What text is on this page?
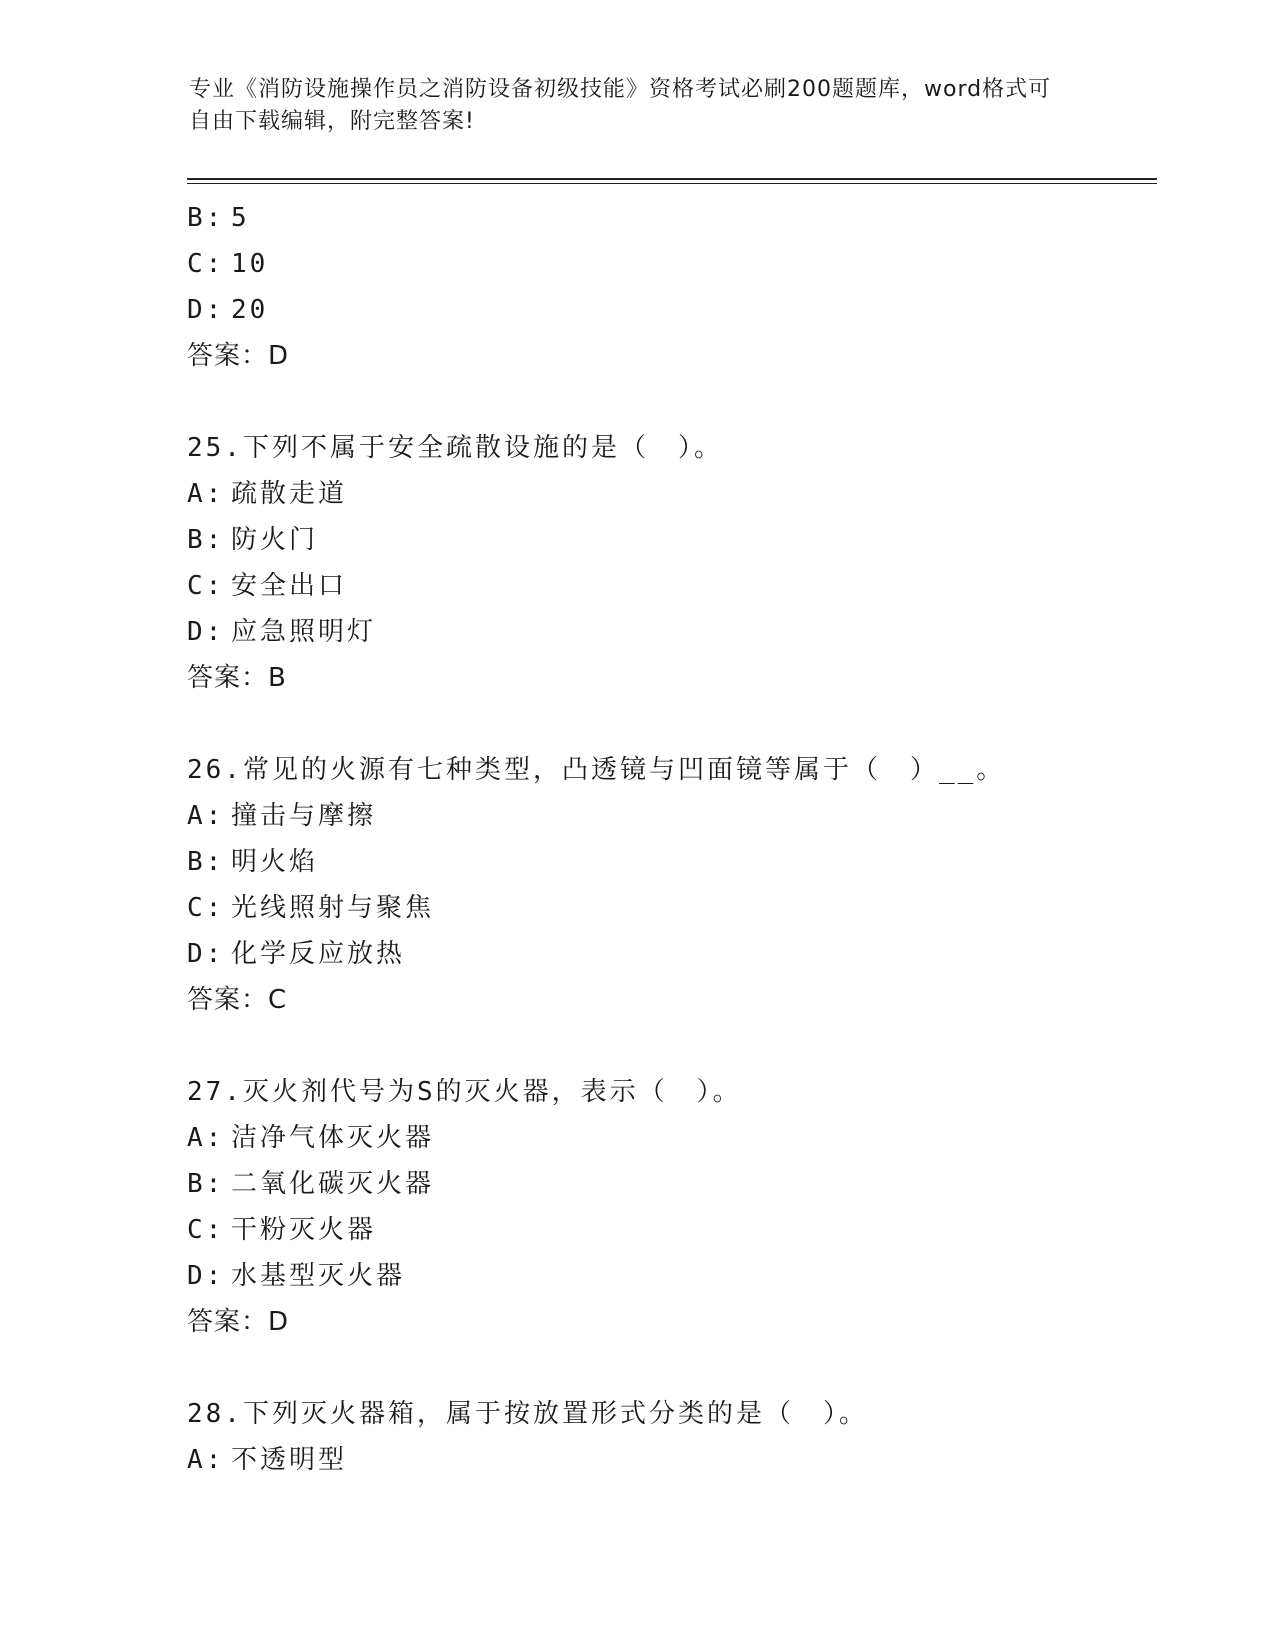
专业《消防设施操作员之消防设备初级技能》资格考试必刷200题题库，word格式可自由下载编辑，附完整答案!
B: 5
C: 10
D: 20
答案：D
25.下列不属于安全疏散设施的是（　）。
A: 疏散走道
B: 防火门
C: 安全出口
D: 应急照明灯
答案：B
26.常见的火源有七种类型，凸透镜与凹面镜等属于（　）__。
A: 撞击与摩擦
B: 明火焰
C: 光线照射与聚焦
D: 化学反应放热
答案：C
27.灭火剂代号为S的灭火器，表示（　）。
A: 洁净气体灭火器
B: 二氧化碳灭火器
C: 干粉灭火器
D: 水基型灭火器
答案：D
28.下列灭火器箱，属于按放置形式分类的是（　）。
A: 不透明型
